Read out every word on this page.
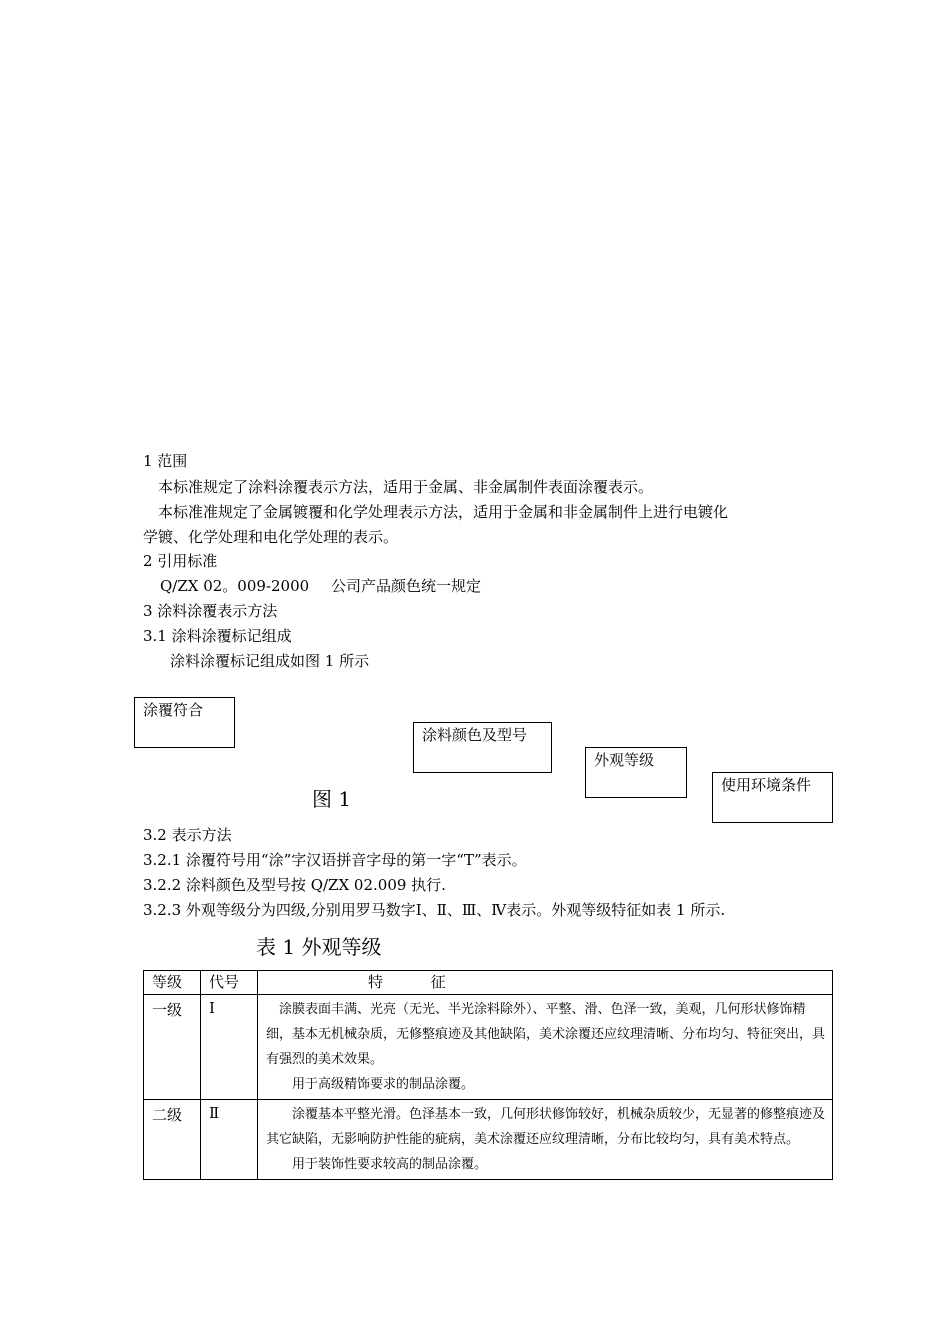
1 范围
本标准规定了涂料涂覆表示方法，适用于金属、非金属制件表面涂覆表示。
本标准准规定了金属镀覆和化学处理表示方法，适用于金属和非金属制件上进行电镀化
学镀、化学处理和电化学处理的表示。
2 引用标准
Q/ZX 02。009-2000 公司产品颜色统一规定
3 涂料涂覆表示方法
3.1 涂料涂覆标记组成
涂料涂覆标记组成如图 1 所示
涂覆符合
涂料颜色及型号
外观等级
使用环境条件
图 1
3.2 表示方法
3.2.1 涂覆符号用“涂”字汉语拼音字母的第一字“T”表示。
3.2.2 涂料颜色及型号按 Q/ZX 02.009 执行.
3.2.3 外观等级分为四级,分别用罗马数字Ⅰ、Ⅱ、Ⅲ、Ⅳ表示。外观等级特征如表 1 所示.
表 1 外观等级
等级	代号	特          征
一级	Ⅰ	涂膜表面丰满、光亮（无光、半光涂料除外）、平整、滑、色泽一致，美观，几何形状修饰精细，基本无机械杂质，无修整痕迹及其他缺陷，美术涂覆还应纹理清晰、分布均匀、特征突出，具有强烈的美术效果。
用于高级精饰要求的制品涂覆。

二级	Ⅱ	涂覆基本平整光滑。色泽基本一致，几何形状修饰较好，机械杂质较少，无显著的修整痕迹及其它缺陷，无影响防护性能的疵病，美术涂覆还应纹理清晰，分布比较均匀，具有美术特点。
用于装饰性要求较高的制品涂覆。
